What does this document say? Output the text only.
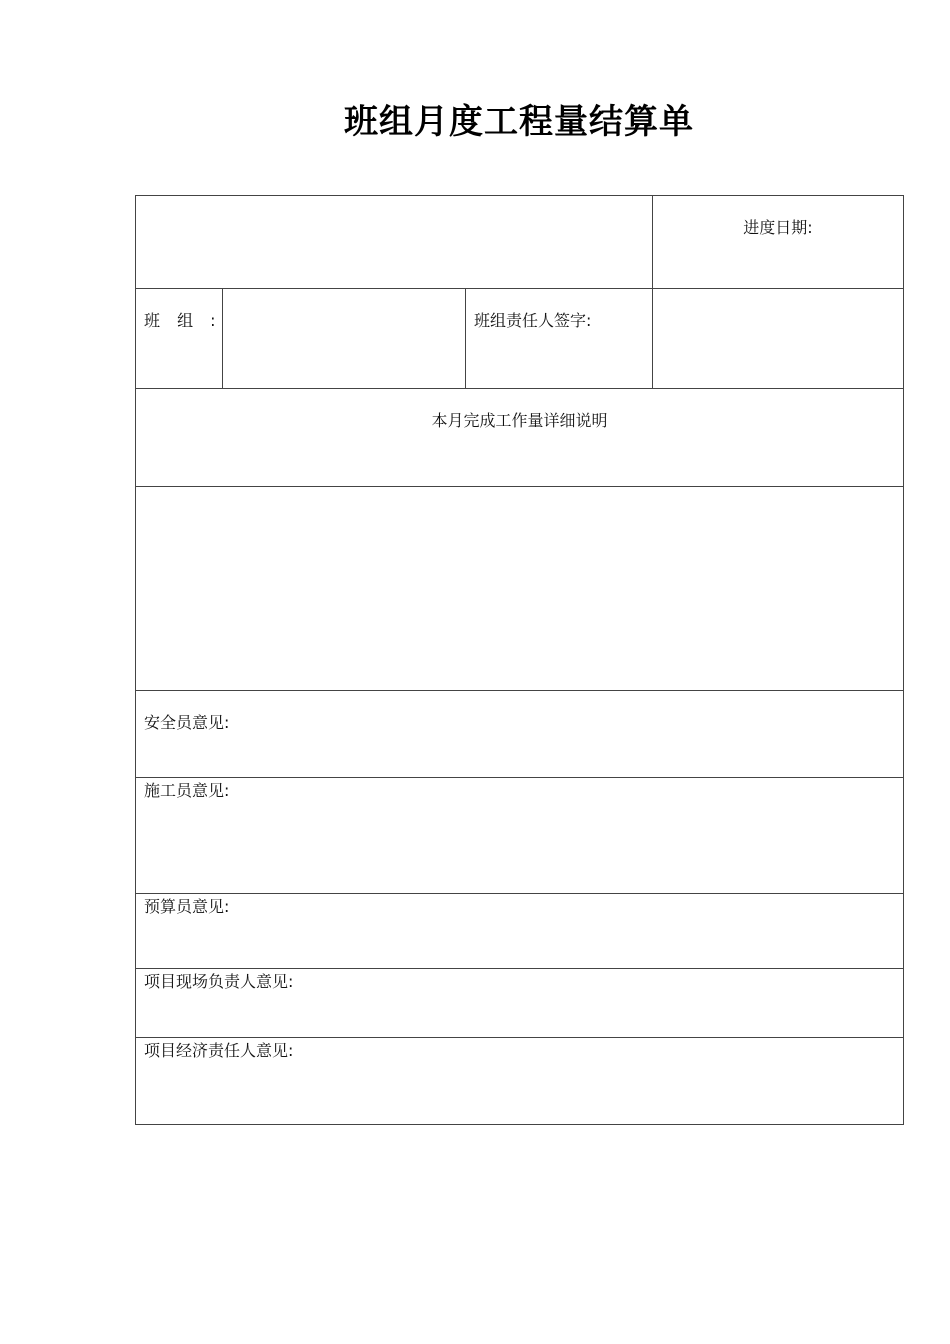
班组月度工程量结算单

			进度日期:

班 组 :		班组责任人签字:	

本月完成工作量详细说明			

安全员意见:			

施工员意见:			

预算员意见:			

项目现场负责人意见:			

项目经济责任人意见:			
